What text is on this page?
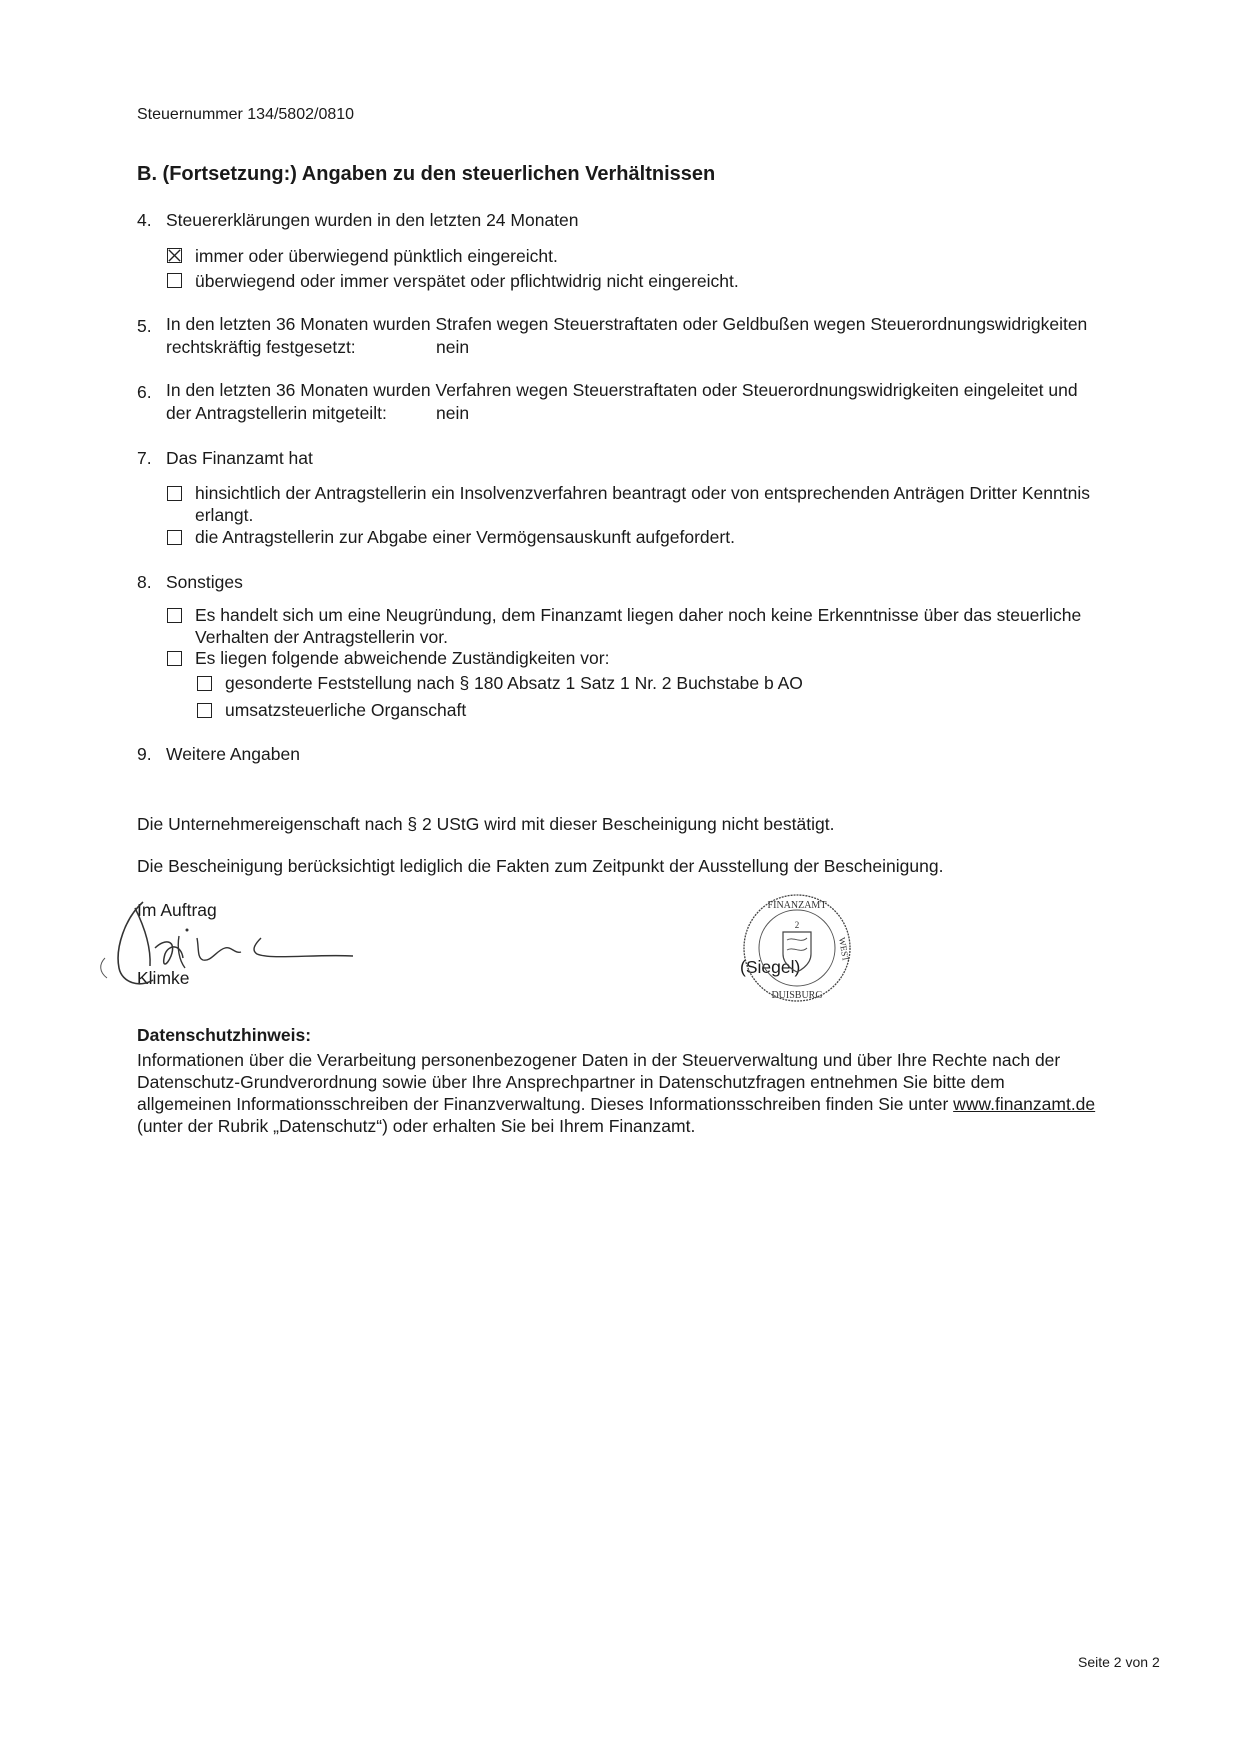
Steuernummer 134/5802/0810
B. (Fortsetzung:) Angaben zu den steuerlichen Verhältnissen
4. Steuererklärungen wurden in den letzten 24 Monaten
immer oder überwiegend pünktlich eingereicht.
überwiegend oder immer verspätet oder pflichtwidrig nicht eingereicht.
5. In den letzten 36 Monaten wurden Strafen wegen Steuerstraftaten oder Geldbußen wegen Steuerordnungswidrigkeiten
rechtskräftig festgesetzt:	nein
6. In den letzten 36 Monaten wurden Verfahren wegen Steuerstraftaten oder Steuerordnungswidrigkeiten eingeleitet und
der Antragstellerin mitgeteilt:	nein
7. Das Finanzamt hat
hinsichtlich der Antragstellerin ein Insolvenzverfahren beantragt oder von entsprechenden Anträgen Dritter Kenntnis
erlangt.
die Antragstellerin zur Abgabe einer Vermögensauskunft aufgefordert.
8. Sonstiges
Es handelt sich um eine Neugründung, dem Finanzamt liegen daher noch keine Erkenntnisse über das steuerliche
Verhalten der Antragstellerin vor.
Es liegen folgende abweichende Zuständigkeiten vor:
gesonderte Feststellung nach § 180 Absatz 1 Satz 1 Nr. 2 Buchstabe b AO
umsatzsteuerliche Organschaft
9. Weitere Angaben
Die Unternehmereigenschaft nach § 2 UStG wird mit dieser Bescheinigung nicht bestätigt.
Die Bescheinigung berücksichtigt lediglich die Fakten zum Zeitpunkt der Ausstellung der Bescheinigung.
Im Auftrag
Klimke
(Siegel)
2
FINANZAMT
DUISBURG
WEST
Datenschutzhinweis:
Informationen über die Verarbeitung personenbezogener Daten in der Steuerverwaltung und über Ihre Rechte nach der
Datenschutz-Grundverordnung sowie über Ihre Ansprechpartner in Datenschutzfragen entnehmen Sie bitte dem
allgemeinen Informationsschreiben der Finanzverwaltung. Dieses Informationsschreiben finden Sie unter www.finanzamt.de
(unter der Rubrik „Datenschutz“) oder erhalten Sie bei Ihrem Finanzamt.
Seite 2 von 2
